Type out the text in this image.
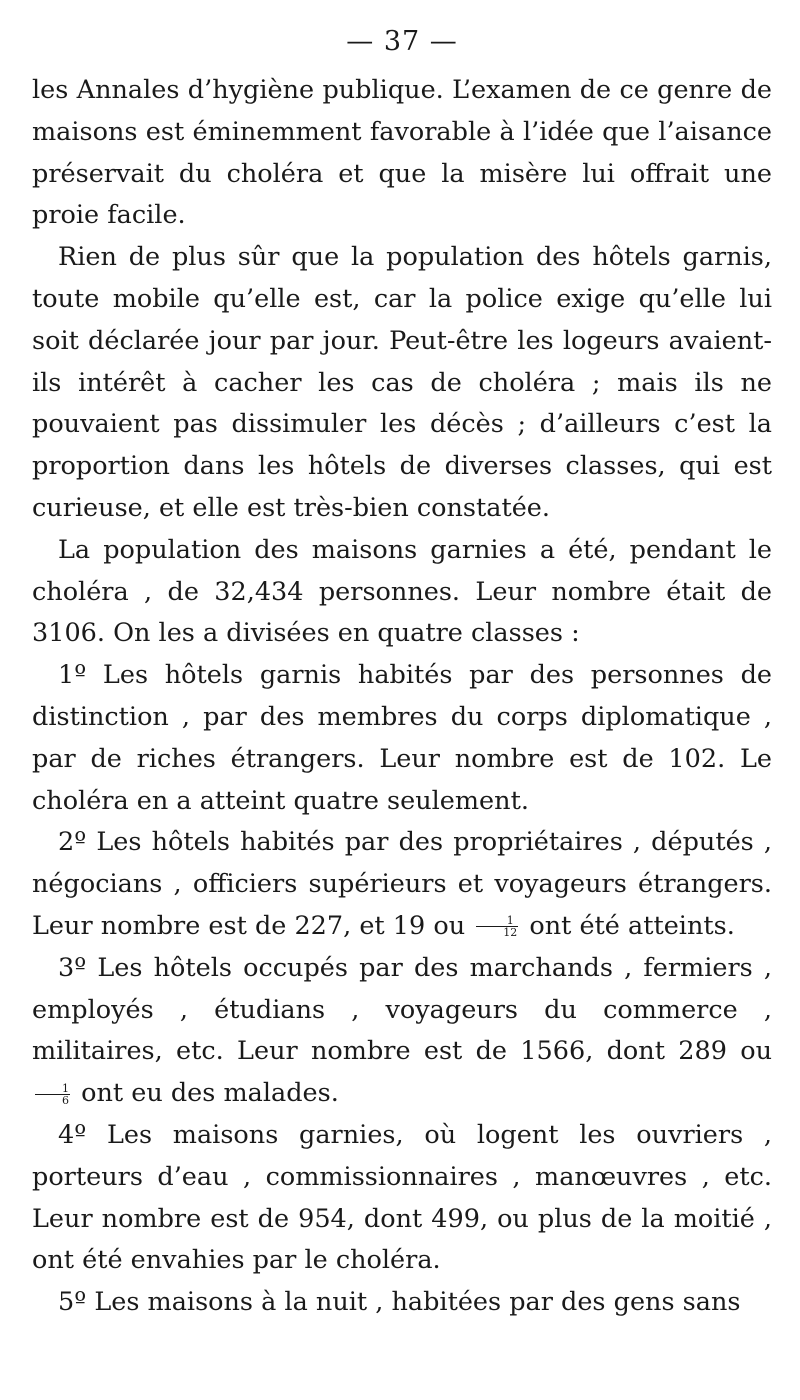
— 37 —

les Annales d’hygiène publique. L’examen de ce genre de maisons est éminemment favorable à l’idée que l’aisance préservait du choléra et que la misère lui offrait une proie facile.

Rien de plus sûr que la population des hôtels garnis, toute mobile qu’elle est, car la police exige qu’elle lui soit déclarée jour par jour. Peut-être les logeurs avaient-ils intérêt à cacher les cas de choléra ; mais ils ne pouvaient pas dissimuler les décès ; d’ailleurs c’est la proportion dans les hôtels de diverses classes, qui est curieuse, et elle est très-bien constatée.

La population des maisons garnies a été, pendant le choléra , de 32,434 personnes. Leur nombre était de 3106. On les a divisées en quatre classes :

1º Les hôtels garnis habités par des personnes de distinction , par des membres du corps diplomatique , par de riches étrangers. Leur nombre est de 102. Le choléra en a atteint quatre seulement.

2º Les hôtels habités par des propriétaires , députés , négocians , officiers supérieurs et voyageurs étrangers. Leur nombre est de 227, et 19 ou $\frac{1}{12}$ ont été atteints.

3º Les hôtels occupés par des marchands , fermiers , employés , étudians , voyageurs du commerce , militaires, etc. Leur nombre est de 1566, dont 289 ou
$\frac{1}{6}$ ont eu des malades.

4º Les maisons garnies, où logent les ouvriers , porteurs d’eau , commissionnaires , manœuvres , etc. Leur nombre est de 954, dont 499, ou plus de la moitié , ont été envahies par le choléra.

5º Les maisons à la nuit , habitées par des gens sans
